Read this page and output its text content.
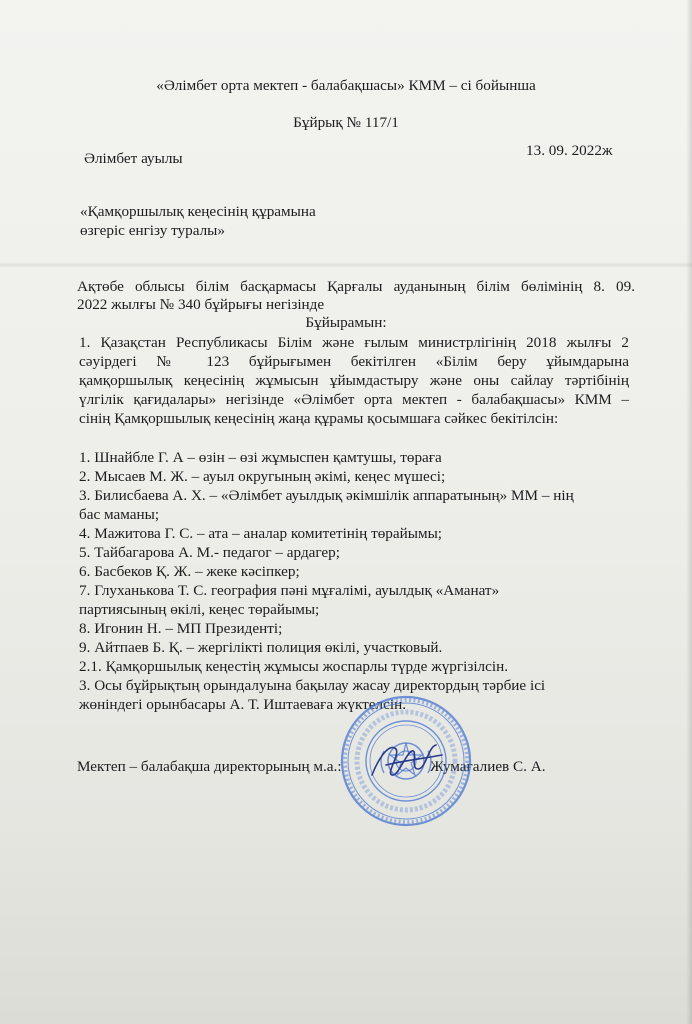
«Әлімбет орта мектеп - балабақшасы» КММ – сі бойынша
Бұйрық № 117/1
Әлімбет ауылы	13. 09. 2022ж
«Қамқоршылық кеңесінің құрамына
өзгеріс енгізу туралы»
Ақтөбе облысы білім басқармасы Қарғалы ауданының білім бөлімінің 8. 09.
2022 жылғы № 340 бұйрығы негізінде
Бұйырамын:
1. Қазақстан Республикасы Білім және ғылым министрлігінің 2018 жылғы 2
сәуірдегі № 123 бұйрығымен бекітілген «Білім беру ұйымдарына
қамқоршылық кеңесінің жұмысын ұйымдастыру және оны сайлау тәртібінің
үлгілік қағидалары» негізінде «Әлімбет орта мектеп - балабақшасы» КММ –
сінің Қамқоршылық кеңесінің жаңа құрамы қосымшаға сәйкес бекітілсін:
1. Шнайбле Г. А – өзін – өзі жұмыспен қамтушы, төраға
2. Мысаев М. Ж. – ауыл округының әкімі, кеңес мүшесі;
3. Билисбаева А. Х. – «Әлімбет ауылдық әкімшілік аппаратының» ММ – нің
бас маманы;
4. Мажитова Г. С. – ата – аналар комитетінің төрайымы;
5. Тайбагарова А. М.- педагог – ардагер;
6. Басбеков Қ. Ж. – жеке кәсіпкер;
7. Глуханькова Т. С. география пәні мұғалімі, ауылдық «Аманат»
партиясының өкілі, кеңес төрайымы;
8. Игонин Н. – МП Президенті;
9. Айтпаев Б. Қ. – жергілікті полиция өкілі, участковый.
2.1. Қамқоршылық кеңестің жұмысы жоспарлы түрде жүргізілсін.
3. Осы бұйрықтың орындалуына бақылау жасау директордың тәрбие ісі
жөніндегі орынбасары А. Т. Иштаеваға жүктелсін.
Мектеп – балабақша директорының м.а.:	Жумағалиев С. А.
